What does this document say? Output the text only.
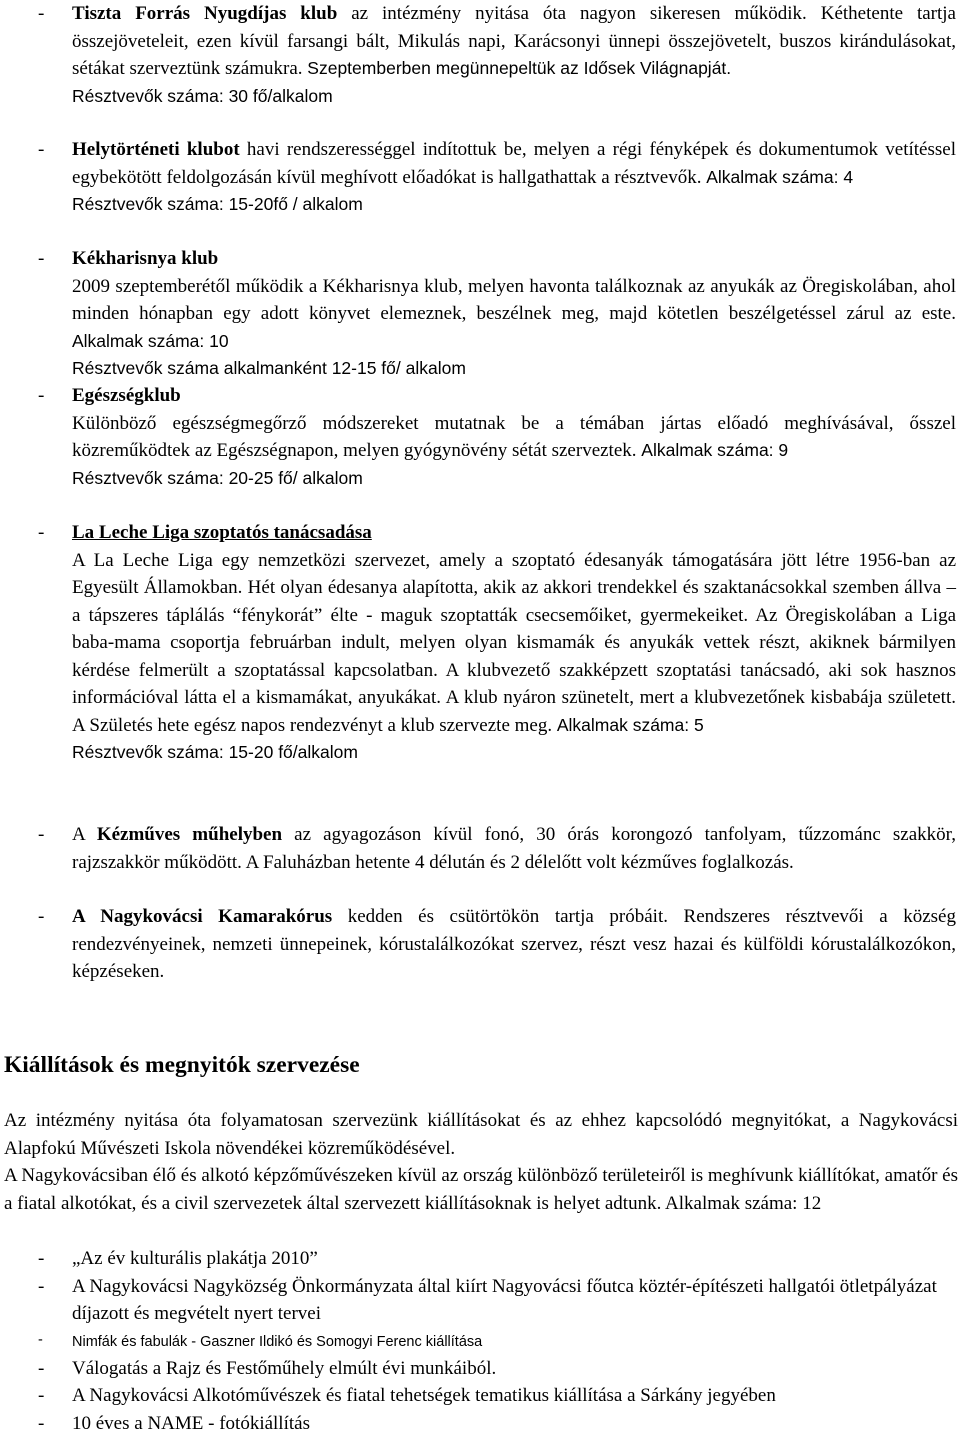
- Tiszta Forrás Nyugdíjas klub az intézmény nyitása óta nagyon sikeresen működik. Kéthetente tartja összejöveteleit, ezen kívül farsangi bált, Mikulás napi, Karácsonyi ünnepi összejövetelt, buszos kirándulásokat, sétákat szerveztünk számukra. Szeptemberben megünnepeltük az Idősek Világnapját.
Résztvevők száma: 30 fő/alkalom
- Helytörténeti klubot havi rendszerességgel indítottuk be, melyen a régi fényképek és dokumentumok vetítéssel egybekötött feldolgozásán kívül meghívott előadókat is hallgathattak a résztvevők. Alkalmak száma: 4
Résztvevők száma: 15-20fő / alkalom
- Kékharisnya klub
2009 szeptemberétől működik a Kékharisnya klub, melyen havonta találkoznak az anyukák az Öregiskolában, ahol minden hónapban egy adott könyvet elemeznek, beszélnek meg, majd kötetlen beszélgetéssel zárul az este. Alkalmak száma: 10
Résztvevők száma alkalmanként 12-15 fő/ alkalom
- Egészségklub
Különböző egészségmegőrző módszereket mutatnak be a témában jártas előadó meghívásával, ősszel közreműködtek az Egészségnapon, melyen gyógynövény sétát szerveztek. Alkalmak száma: 9
Résztvevők száma: 20-25 fő/ alkalom
- La Leche Liga szoptatós tanácsadása
A La Leche Liga egy nemzetközi szervezet, amely a szoptató édesanyák támogatására jött létre 1956-ban az Egyesült Államokban. Hét olyan édesanya alapította, akik az akkori trendekkel és szaktanácsokkal szemben állva – a tápszeres táplálás “fénykorát” élte - maguk szoptatták csecsemőiket, gyermekeiket. Az Öregiskolában a Liga baba-mama csoportja februárban indult, melyen olyan kismamák és anyukák vettek részt, akiknek bármilyen kérdése felmerült a szoptatással kapcsolatban. A klubvezető szakképzett szoptatási tanácsadó, aki sok hasznos információval látta el a kismamákat, anyukákat. A klub nyáron szünetelt, mert a klubvezetőnek kisbabája született. A Születés hete egész napos rendezvényt a klub szervezte meg. Alkalmak száma: 5
Résztvevők száma: 15-20 fő/alkalom
- A Kézműves műhelyben az agyagozáson kívül fonó, 30 órás korongozó tanfolyam, tűzzománc szakkör, rajzszakkör működött. A Faluházban hetente 4 délután és 2 délelőtt volt kézműves foglalkozás.
- A Nagykovácsi Kamarakórus kedden és csütörtökön tartja próbáit. Rendszeres résztvevői a község rendezvényeinek, nemzeti ünnepeinek, kórustalálkozókat szervez, részt vesz hazai és külföldi kórustalálkozókon, képzéseken.
Kiállítások és megnyitók szervezése
Az intézmény nyitása óta folyamatosan szervezünk kiállításokat és az ehhez kapcsolódó megnyitókat, a Nagykovácsi Alapfokú Művészeti Iskola növendékei közreműködésével.
A Nagykovácsiban élő és alkotó képzőművészeken kívül az ország különböző területeiről is meghívunk kiállítókat, amatőr és a fiatal alkotókat, és a civil szervezetek által szervezett kiállításoknak is helyet adtunk. Alkalmak száma: 12
- „Az év kulturális plakátja 2010”
- A Nagykovácsi Nagyközség Önkormányzata által kiírt Nagyovácsi főutca köztér-építészeti hallgatói ötletpályázat díjazott és megvételt nyert tervei
- Nimfák és fabulák - Gaszner Ildikó és Somogyi Ferenc kiállítása
- Válogatás a Rajz és Festőműhely elmúlt évi munkáiból.
- A Nagykovácsi Alkotóművészek és fiatal tehetségek tematikus kiállítása a Sárkány jegyében
- 10 éves a NAME - fotókiállítás
